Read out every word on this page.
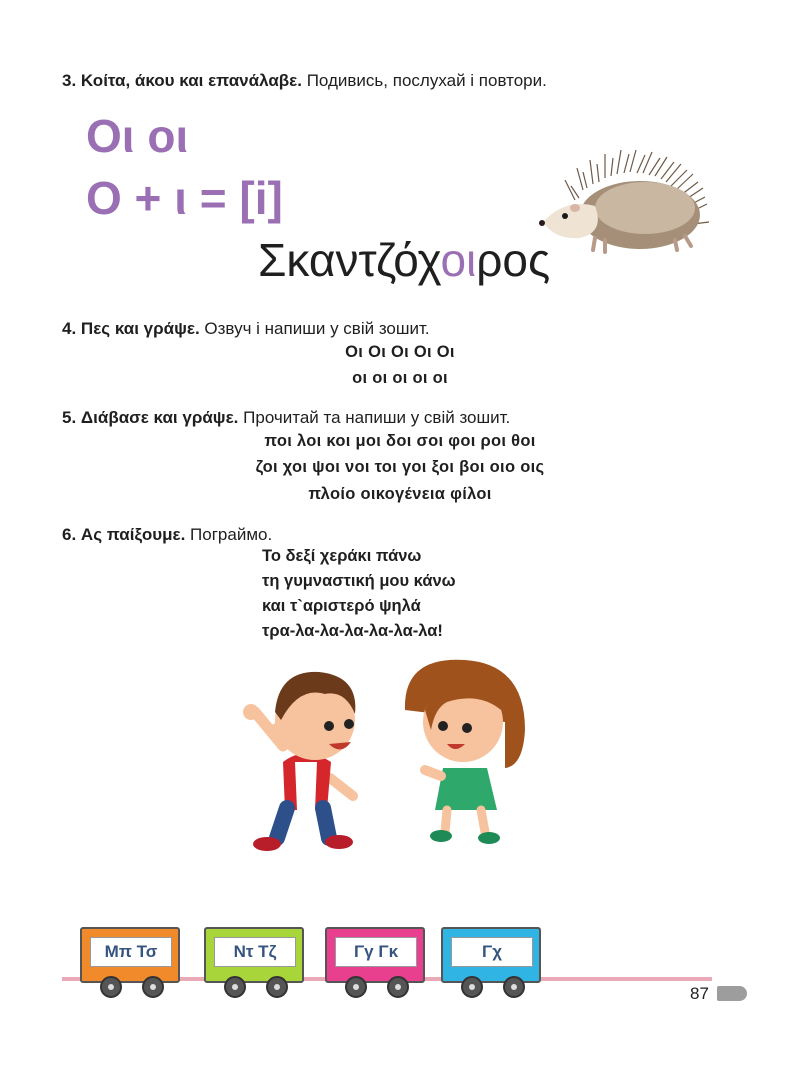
3. Κοίτα, άκου και επανάλαβε. Подивись, послухай і повтори.
Οι οι
Ο + ι = [i]
Σκαντζόχοιρος
4. Πες και γράψε. Озвуч і напиши у свій зошит.
Οι Οι Οι Οι Οι
οι οι οι οι οι
5. Διάβασε και γράψε. Прочитай та напиши у свій зошит.
ποι λοι κοι μοι δοι σοι φοι ροι θοι
ζοι χοι ψοι νοι τοι γοι ξοι βοι οιο οις
πλοίο οικογένεια φίλοι
6. Ας παίξουμε. Пограймо.
Το δεξί χεράκι πάνω
τη γυμναστική μου κάνω
και τ`αριστερό ψηλά
τρα-λα-λα-λα-λα-λα-λα!
Μπ Τσ	Ντ Τζ	Γγ Γκ	Γχ
87
